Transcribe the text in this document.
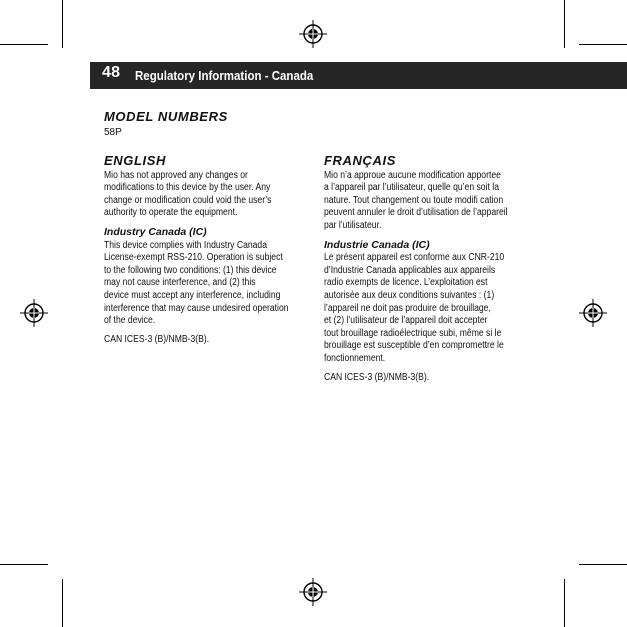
48 Regulatory Information - Canada
MODEL NUMBERS
58P
ENGLISH

Mio has not approved any changes or
modifications to this device by the user. Any
change or modification could void the user’s
authority to operate the equipment.

Industry Canada (IC)

This device complies with Industry Canada
License-exempt RSS-210. Operation is subject
to the following two conditions: (1) this device
may not cause interference, and (2) this
device must accept any interference, including
interference that may cause undesired operation
of the device.

CAN ICES-3 (B)/NMB-3(B).

FRANÇAIS

Mio n’a approue aucune modification apportee
a l’appareil par l’utilisateur, quelle qu’en soit la
nature. Tout changement ou toute modifi cation
peuvent annuler le droit d’utilisation de l’appareil
par l’utilisateur.

Industrie Canada (IC)

Le présent appareil est conforme aux CNR-210
d’Industrie Canada applicables aux appareils
radio exempts de licence. L’exploitation est
autorisée aux deux conditions suivantes : (1)
l’appareil ne doit pas produire de brouillage,
et (2) l’utilisateur de l’appareil doit accepter
tout brouillage radioélectrique subi, même si le
brouillage est susceptible d’en compromettre le
fonctionnement.

CAN ICES-3 (B)/NMB-3(B).
